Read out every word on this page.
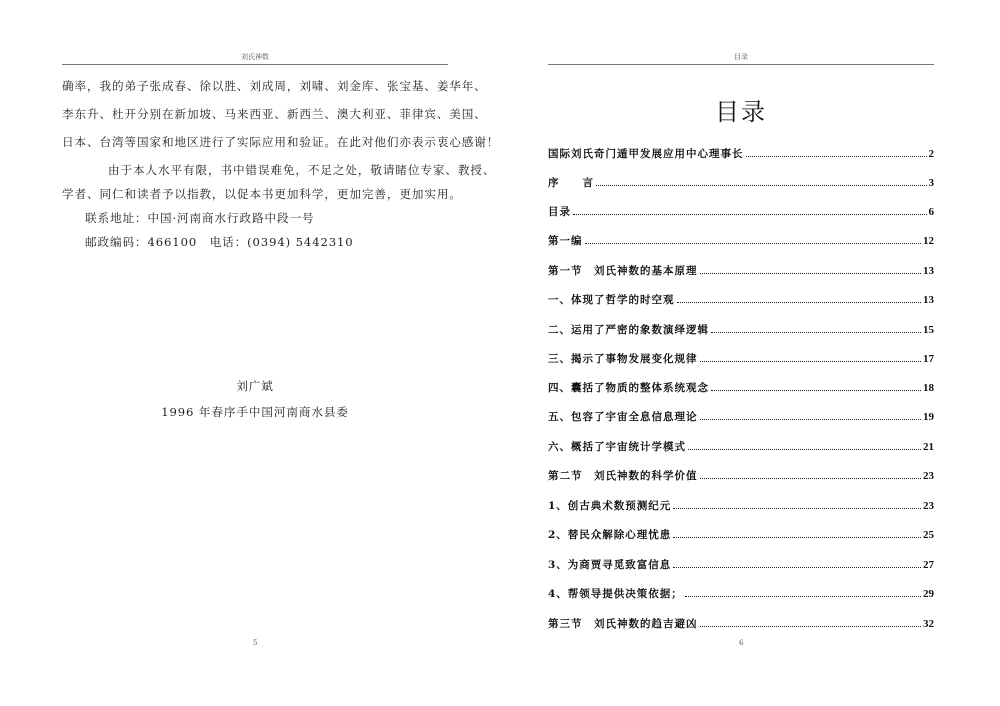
刘氏神数
确率，我的弟子张成春、徐以胜、刘成周，刘啸、刘金库、张宝基、姜华年、
李东升、杜开分别在新加坡、马来西亚、新西兰、澳大利亚、菲律宾、美国、
日本、台湾等国家和地区进行了实际应用和验证。在此对他们亦表示衷心感谢！
由于本人水平有限，书中错误难免，不足之处，敬请睹位专家、教授、
学者、同仁和读者予以指教，以促本书更加科学，更加完善，更加实用。
联系地址：中国·河南商水行政路中段一号
邮政编码：466100　电话：(0394) 5442310
刘广斌
1996 年春序手中国河南商水县委
5
目录
目录
国际刘氏奇门遁甲发展应用中心理事长	2
序　　言	3
目录	6
第一编	12
第一节　刘氏神数的基本原理	13
一、体现了哲学的时空观	13
二、运用了严密的象数演绎逻辑	15
三、揭示了事物发展变化规律	17
四、囊括了物质的整体系统观念	18
五、包容了宇宙全息信息理论	19
六、概括了宇宙统计学模式	21
第二节　刘氏神数的科学价值	23
1、创古典术数预测纪元	23
2、替民众解除心理忧患	25
3、为商贾寻觅致富信息	27
4、帮领导提供决策依据；	29
第三节　刘氏神数的趋吉避凶	32
6
